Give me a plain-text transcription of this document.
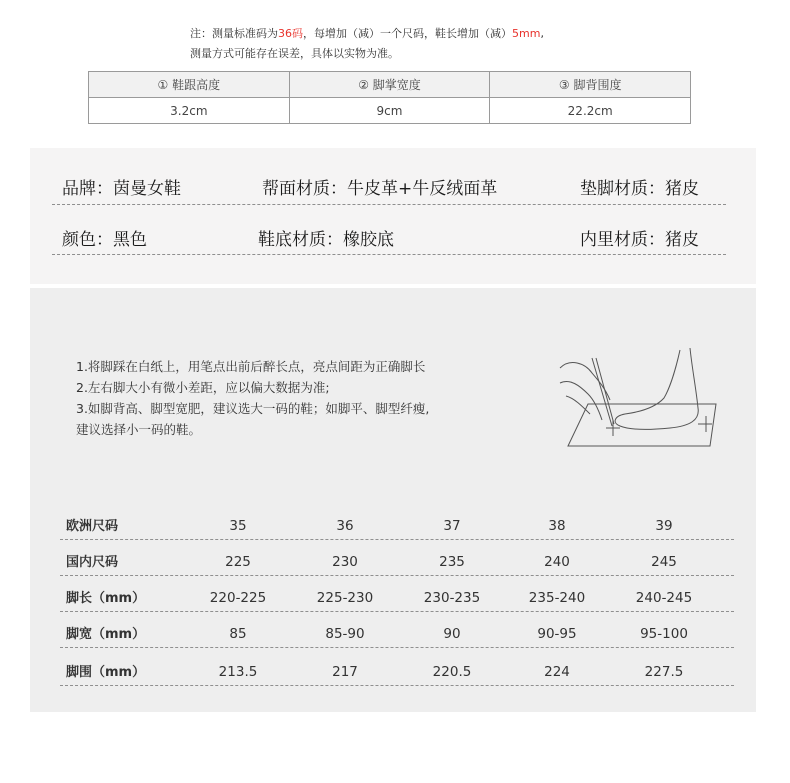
注：测量标准码为36码，每增加（减）一个尺码，鞋长增加（减）5mm,
测量方式可能存在误差，具体以实物为准。
① 鞋跟高度	② 脚掌宽度	③ 脚背围度
3.2cm	9cm	22.2cm
品牌：茵曼女鞋	帮面材质：牛皮革+牛反绒面革	垫脚材质：猪皮
颜色：黑色	鞋底材质：橡胶底	内里材质：猪皮
1.将脚踩在白纸上，用笔点出前后醉长点，亮点间距为正确脚长
2.左右脚大小有微小差距，应以偏大数据为准;
3.如脚背高、脚型宽肥，建议选大一码的鞋；如脚平、脚型纤瘦,
建议选择小一码的鞋。
欧洲尺码	35	36	37	38	39
国内尺码	225	230	235	240	245
脚长（mm）	220-225	225-230	230-235	235-240	240-245
脚宽（mm）	85	85-90	90	90-95	95-100
脚围（mm）	213.5	217	220.5	224	227.5
